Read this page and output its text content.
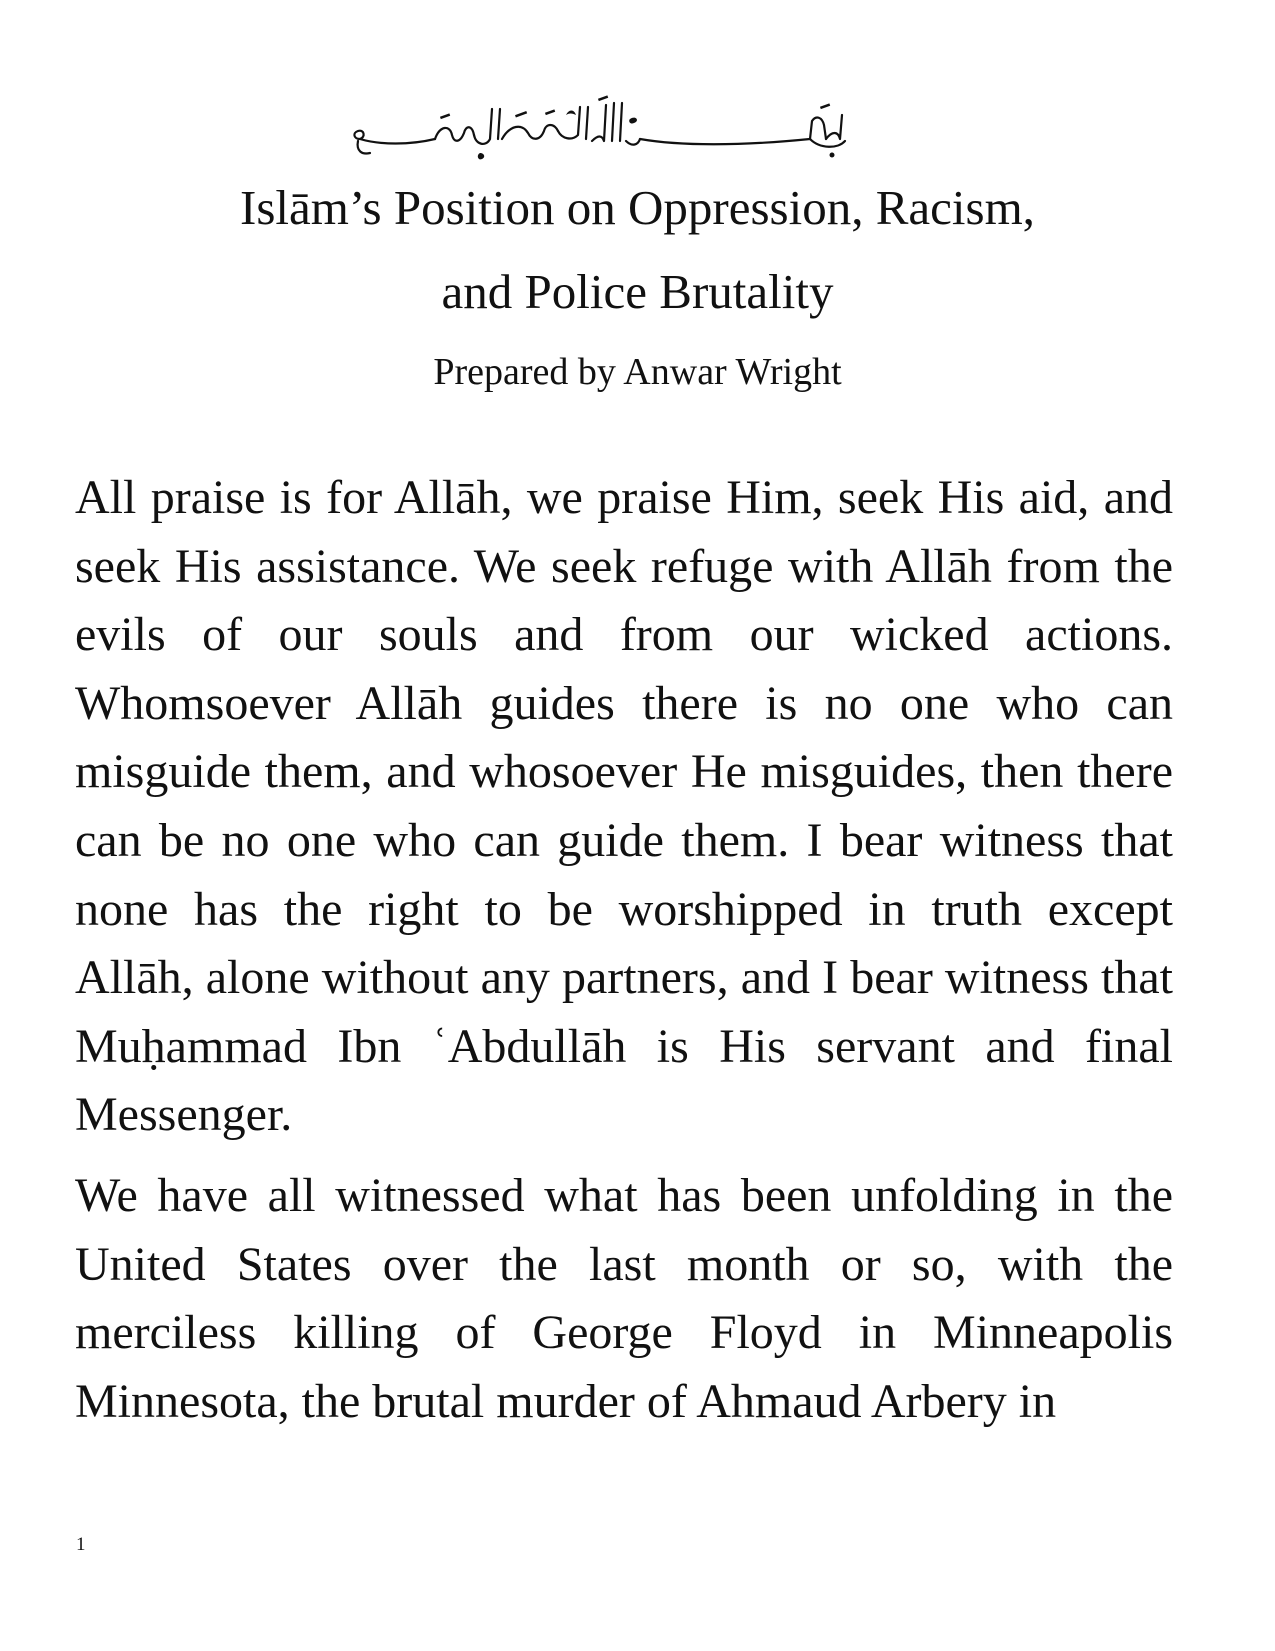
Islām’s Position on Oppression, Racism,
and Police Brutality
Prepared by Anwar Wright

All praise is for Allāh, we praise Him, seek His aid, and seek His assistance. We seek refuge with Allāh from the evils of our souls and from our wicked actions. Whomsoever Allāh guides there is no one who can misguide them, and whosoever He misguides, then there can be no one who can guide them. I bear witness that none has the right to be worshipped in truth except Allāh, alone without any partners, and I bear witness that Muḥammad Ibn ʿAbdullāh is His servant and final Messenger.

We have all witnessed what has been unfolding in the United States over the last month or so, with the merciless killing of George Floyd in Minneapolis Minnesota, the brutal murder of Ahmaud Arbery in

1
